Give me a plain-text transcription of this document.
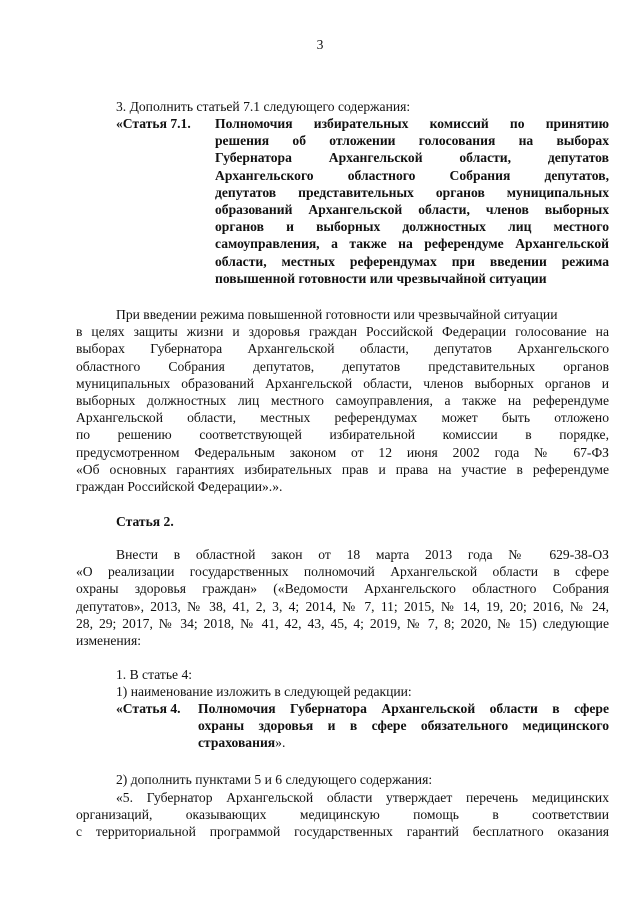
3
3. Дополнить статьей 7.1 следующего содержания:
«Статья 7.1. Полномочия избирательных комиссий по принятию
решения об отложении голосования на выборах
Губернатора Архангельской области, депутатов
Архангельского областного Собрания депутатов,
депутатов представительных органов муниципальных
образований Архангельской области, членов выборных
органов и выборных должностных лиц местного
самоуправления, а также на референдуме Архангельской
области, местных референдумах при введении режима
повышенной готовности или чрезвычайной ситуации
При введении режима повышенной готовности или чрезвычайной ситуации
в целях защиты жизни и здоровья граждан Российской Федерации голосование на
выборах Губернатора Архангельской области, депутатов Архангельского
областного Собрания депутатов, депутатов представительных органов
муниципальных образований Архангельской области, членов выборных органов и
выборных должностных лиц местного самоуправления, а также на референдуме
Архангельской области, местных референдумах может быть отложено
по решению соответствующей избирательной комиссии в порядке,
предусмотренном Федеральным законом от 12 июня 2002 года № 67-ФЗ
«Об основных гарантиях избирательных прав и права на участие в референдуме
граждан Российской Федерации».».
Статья 2.
Внести в областной закон от 18 марта 2013 года № 629-38-ОЗ
«О реализации государственных полномочий Архангельской области в сфере
охраны здоровья граждан» («Ведомости Архангельского областного Собрания
депутатов», 2013, № 38, 41, 2, 3, 4; 2014, № 7, 11; 2015, № 14, 19, 20; 2016, № 24,
28, 29; 2017, № 34; 2018, № 41, 42, 43, 45, 4; 2019, № 7, 8; 2020, № 15) следующие
изменения:
1. В статье 4:
1) наименование изложить в следующей редакции:
«Статья 4. Полномочия Губернатора Архангельской области в сфере
охраны здоровья и в сфере обязательного медицинского
страхования».
2) дополнить пунктами 5 и 6 следующего содержания:
«5. Губернатор Архангельской области утверждает перечень медицинских
организаций, оказывающих медицинскую помощь в соответствии
с территориальной программой государственных гарантий бесплатного оказания
